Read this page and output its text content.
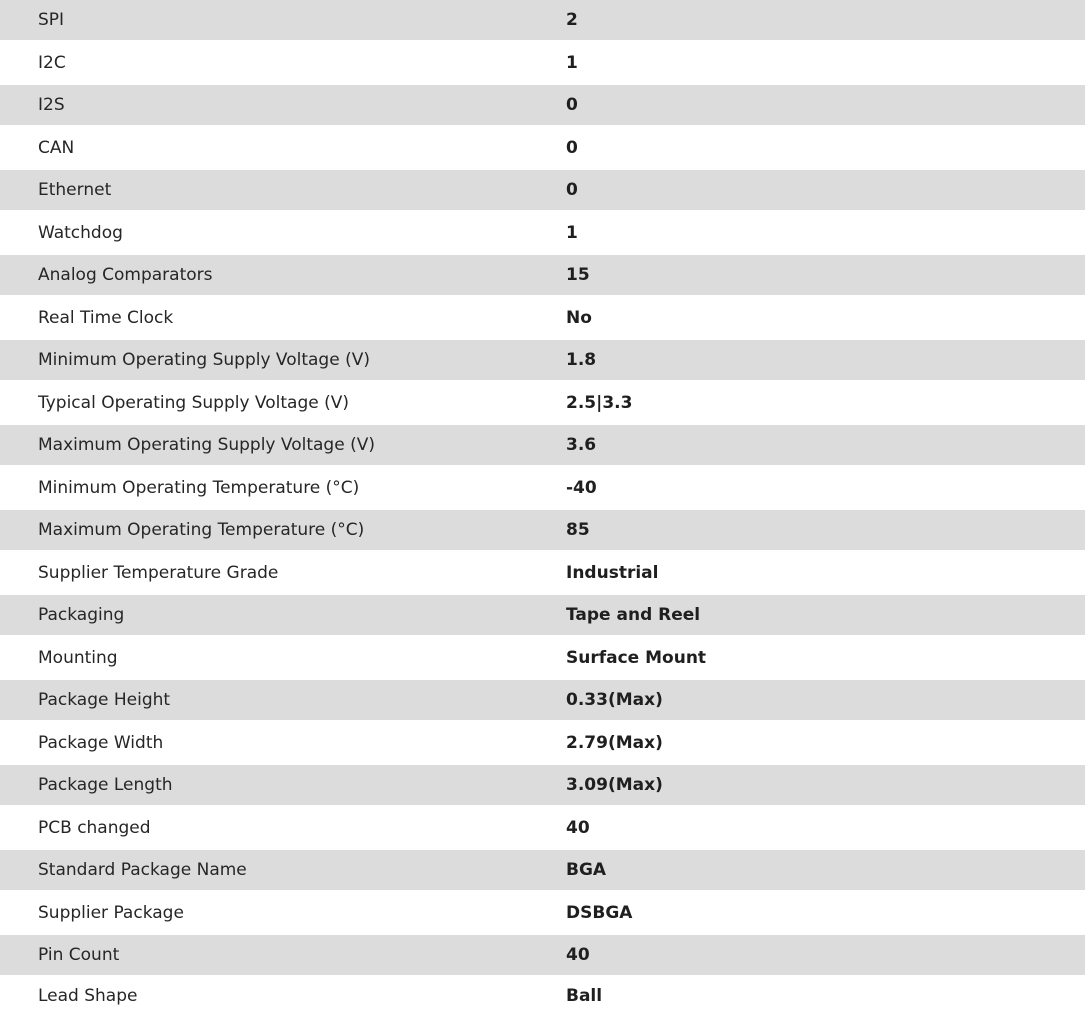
SPI	2
I2C	1
I2S	0
CAN	0
Ethernet	0
Watchdog	1
Analog Comparators	15
Real Time Clock	No
Minimum Operating Supply Voltage (V)	1.8
Typical Operating Supply Voltage (V)	2.5|3.3
Maximum Operating Supply Voltage (V)	3.6
Minimum Operating Temperature (°C)	-40
Maximum Operating Temperature (°C)	85
Supplier Temperature Grade	Industrial
Packaging	Tape and Reel
Mounting	Surface Mount
Package Height	0.33(Max)
Package Width	2.79(Max)
Package Length	3.09(Max)
PCB changed	40
Standard Package Name	BGA
Supplier Package	DSBGA
Pin Count	40
Lead Shape	Ball
